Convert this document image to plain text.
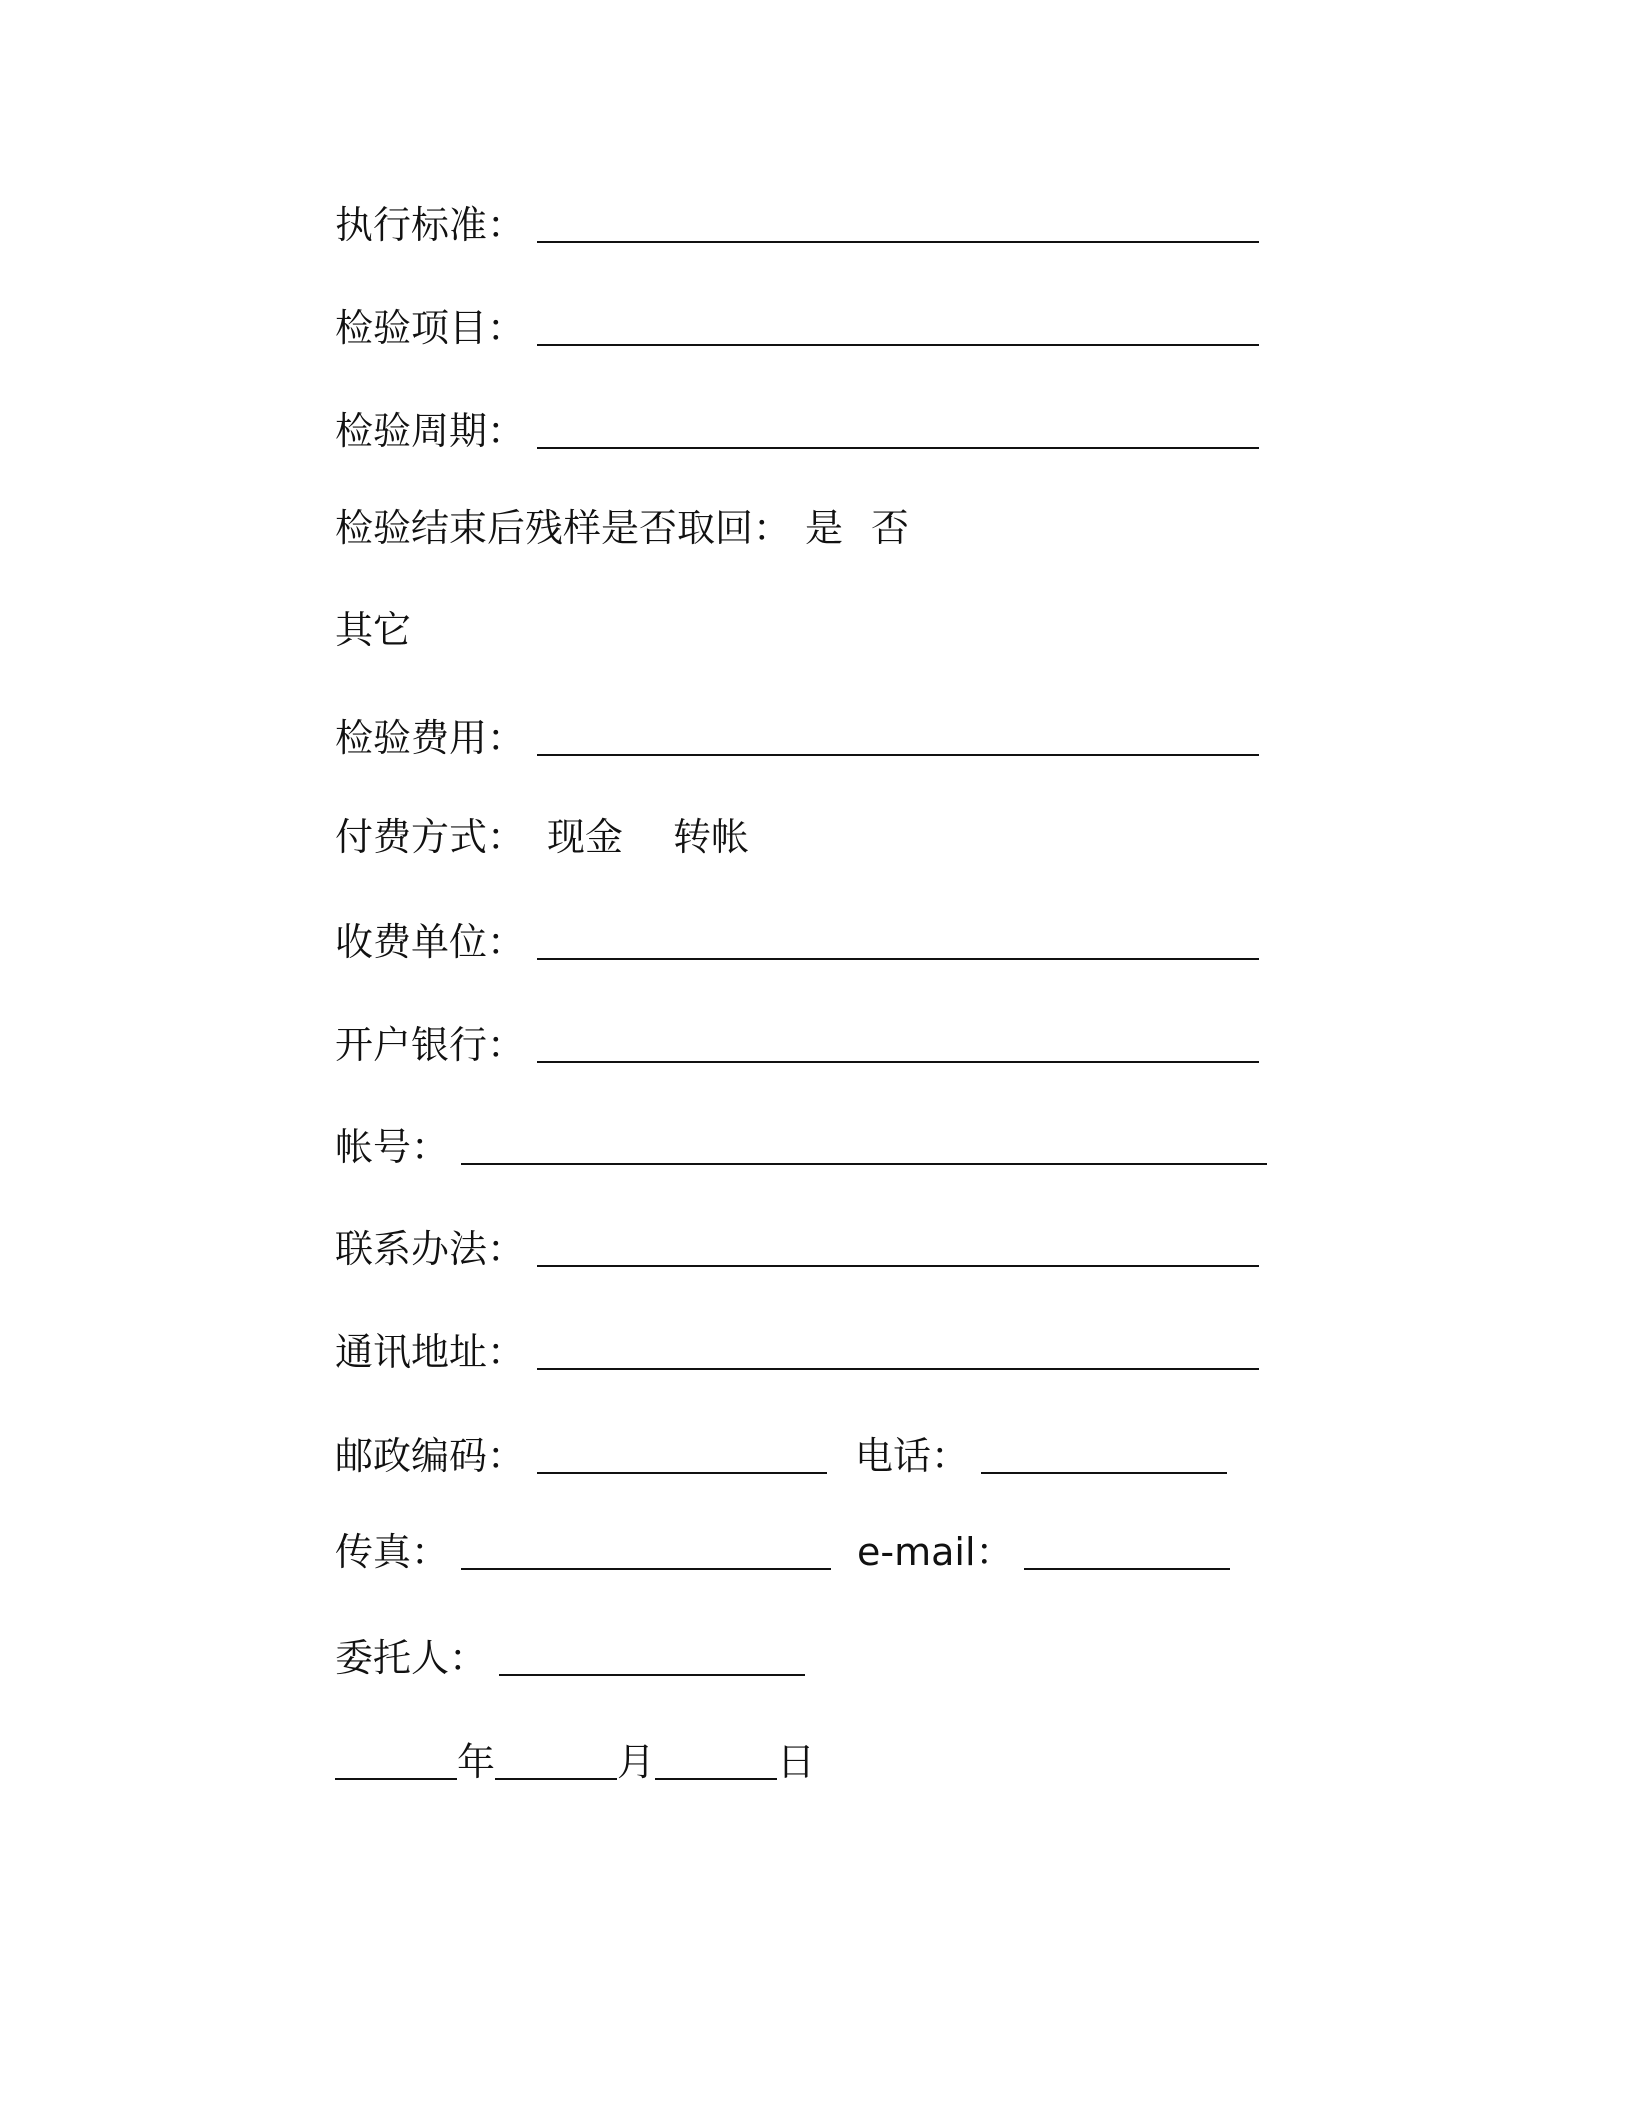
执行标准：
检验项目：
检验周期：
检验结束后残样是否取回： 是 否
其它
检验费用：
付费方式： 现金 转帐
收费单位：
开户银行：
帐号：
联系办法：
通讯地址：
邮政编码：	电话：
传真：	e-mail：
委托人：
年	月	日
